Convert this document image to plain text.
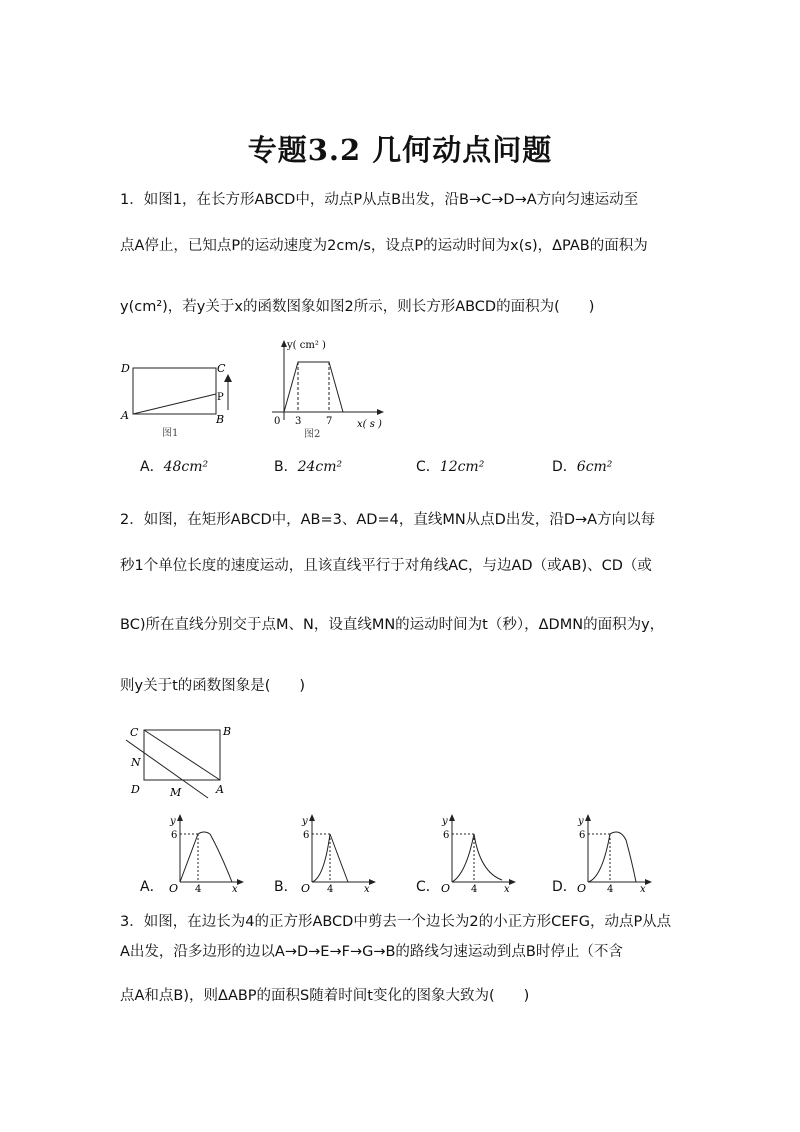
专题3.2 几何动点问题
1．如图1，在长方形ABCD中，动点P从点B出发，沿B→C→D→A方向匀速运动至
点A停止，已知点P的运动速度为2cm/s，设点P的运动时间为x(s)，ΔPAB的面积为
y(cm²)，若y关于x的函数图象如图2所示，则长方形ABCD的面积为(　　)
D	C
A	B
P
图1
y( cm² )
x( s )
0 3 7
图2
A．48cm²	B．24cm²	C．12cm²	D．6cm²
2．如图，在矩形ABCD中，AB=3、AD=4，直线MN从点D出发，沿D→A方向以每
秒1个单位长度的速度运动，且该直线平行于对角线AC，与边AD（或AB)、CD（或
BC)所在直线分别交于点M、N，设直线MN的运动时间为t（秒），ΔDMN的面积为y，
则y关于t的函数图象是(　　)
C	B
N
D	M	A
A．
y
6
O 4	x	B．
y
6
O 4	x	C．
y
6
O 4	x	D．
y
6
O 4	x
3．如图，在边长为4的正方形ABCD中剪去一个边长为2的小正方形CEFG，动点P从点
A出发，沿多边形的边以A→D→E→F→G→B的路线匀速运动到点B时停止（不含
点A和点B)，则ΔABP的面积S随着时间t变化的图象大致为(　　)
